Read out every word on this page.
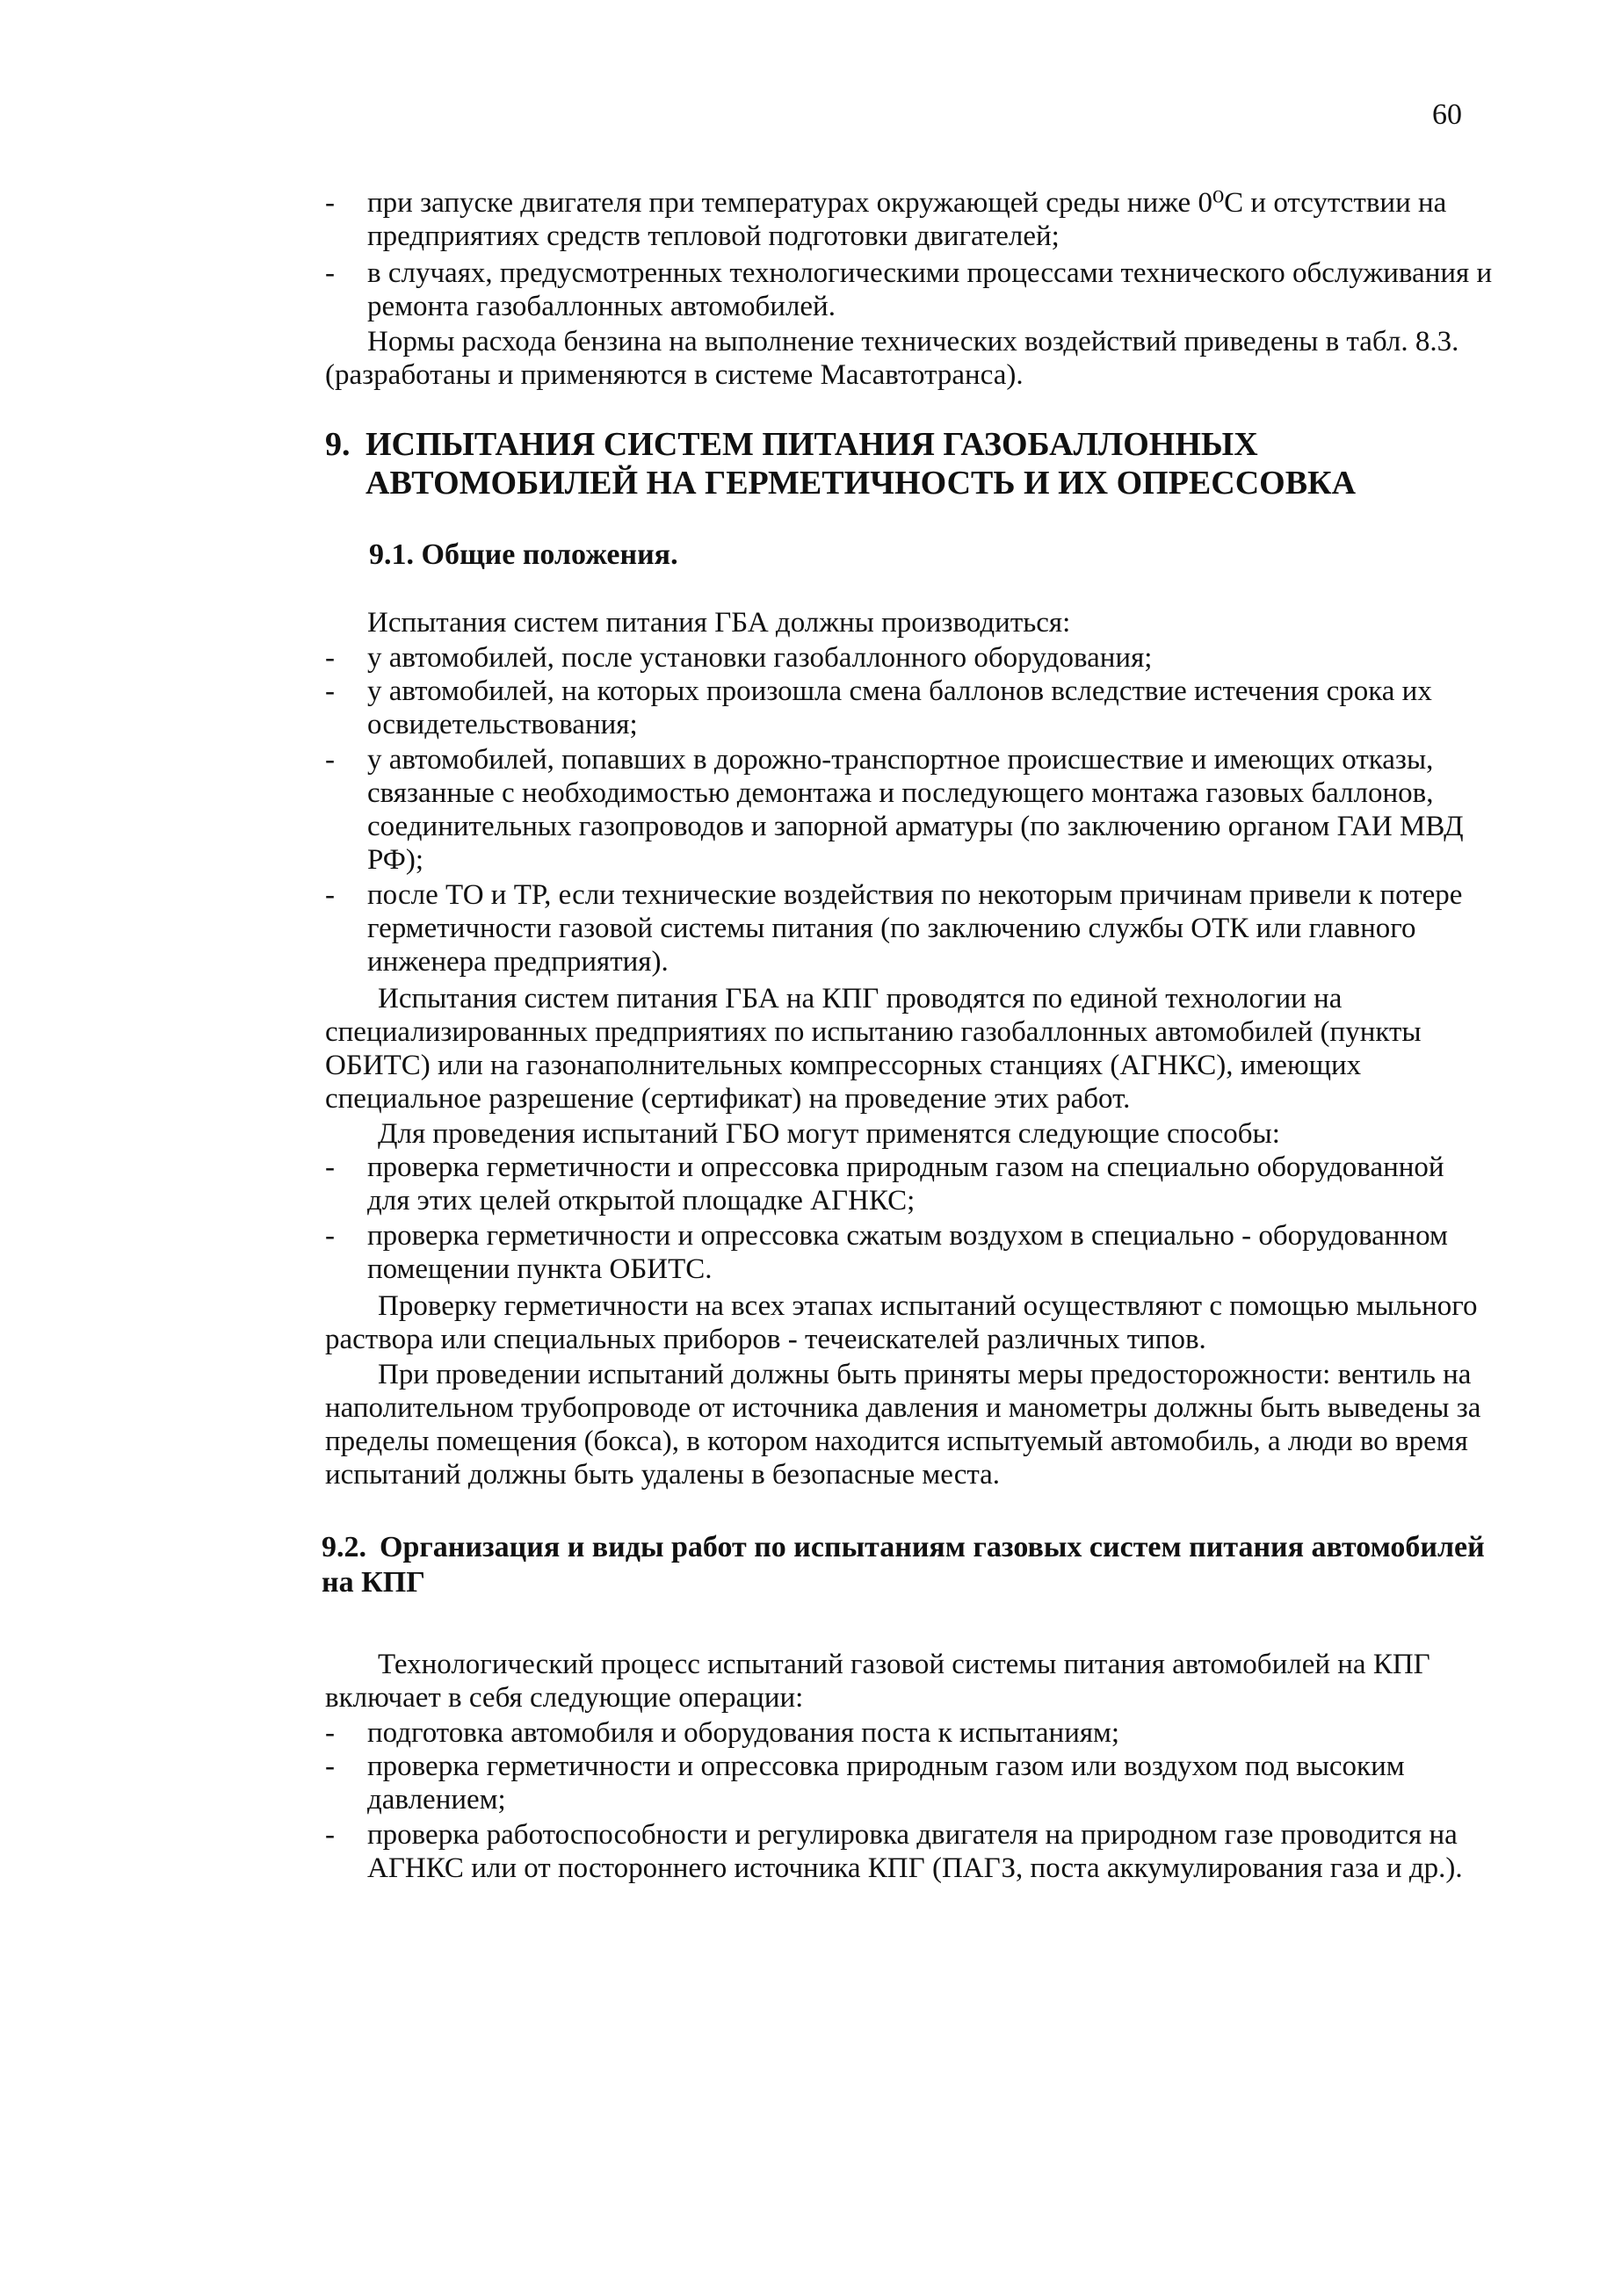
60
- при запуске двигателя при температурах окружающей среды ниже 0⁰С и отсутствии на предприятиях средств тепловой подготовки двигателей;
- в случаях, предусмотренных технологическими процессами технического обслуживания и ремонта газобаллонных автомобилей.

Нормы расхода бензина на выполнение технических воздействий приведены в табл. 8.3. (разработаны и применяются в системе Масавтотранса).

9. ИСПЫТАНИЯ СИСТЕМ ПИТАНИЯ ГАЗОБАЛЛОННЫХ АВТОМОБИЛЕЙ НА ГЕРМЕТИЧНОСТЬ И ИХ ОПРЕССОВКА
9.1. Общие положения.

Испытания систем питания ГБА должны производиться:

- у автомобилей, после установки газобаллонного оборудования;
- у автомобилей, на которых произошла смена баллонов вследствие истечения срока их освидетельствования;
- у автомобилей, попавших в дорожно-транспортное происшествие и имеющих отказы, связанные с необходимостью демонтажа и последующего монтажа газовых баллонов, соединительных газопроводов и запорной арматуры (по заключению органом ГАИ МВД РФ);
- после ТО и ТР, если технические воздействия по некоторым причинам привели к потере герметичности газовой системы питания (по заключению службы ОТК или главного инженера предприятия).

Испытания систем питания ГБА на КПГ проводятся по единой технологии на специализированных предприятиях по испытанию газобаллонных автомобилей (пункты ОБИТС) или на газонаполнительных компрессорных станциях (АГНКС), имеющих специальное разрешение (сертификат) на проведение этих работ.

Для проведения испытаний ГБО могут применятся следующие способы:

- проверка герметичности и опрессовка природным газом на специально оборудованной для этих целей открытой площадке АГНКС;
- проверка герметичности и опрессовка сжатым воздухом в специально - оборудованном помещении пункта ОБИТС.

Проверку герметичности на всех этапах испытаний осуществляют с помощью мыльного раствора или специальных приборов - течеискателей различных типов.

При проведении испытаний должны быть приняты меры предосторожности: вентиль на наполительном трубопроводе от источника давления и манометры должны быть выведены за пределы помещения (бокса), в котором находится испытуемый автомобиль, а люди во время испытаний должны быть удалены в безопасные места.

9.2. Организация и виды работ по испытаниям газовых систем питания автомобилей на КПГ

Технологический процесс испытаний газовой системы питания автомобилей на КПГ включает в себя следующие операции:

- подготовка автомобиля и оборудования поста к испытаниям;
- проверка герметичности и опрессовка природным газом или воздухом под высоким давлением;
- проверка работоспособности и регулировка двигателя на природном газе проводится на АГНКС или от постороннего источника КПГ (ПАГЗ, поста аккумулирования газа и др.).
